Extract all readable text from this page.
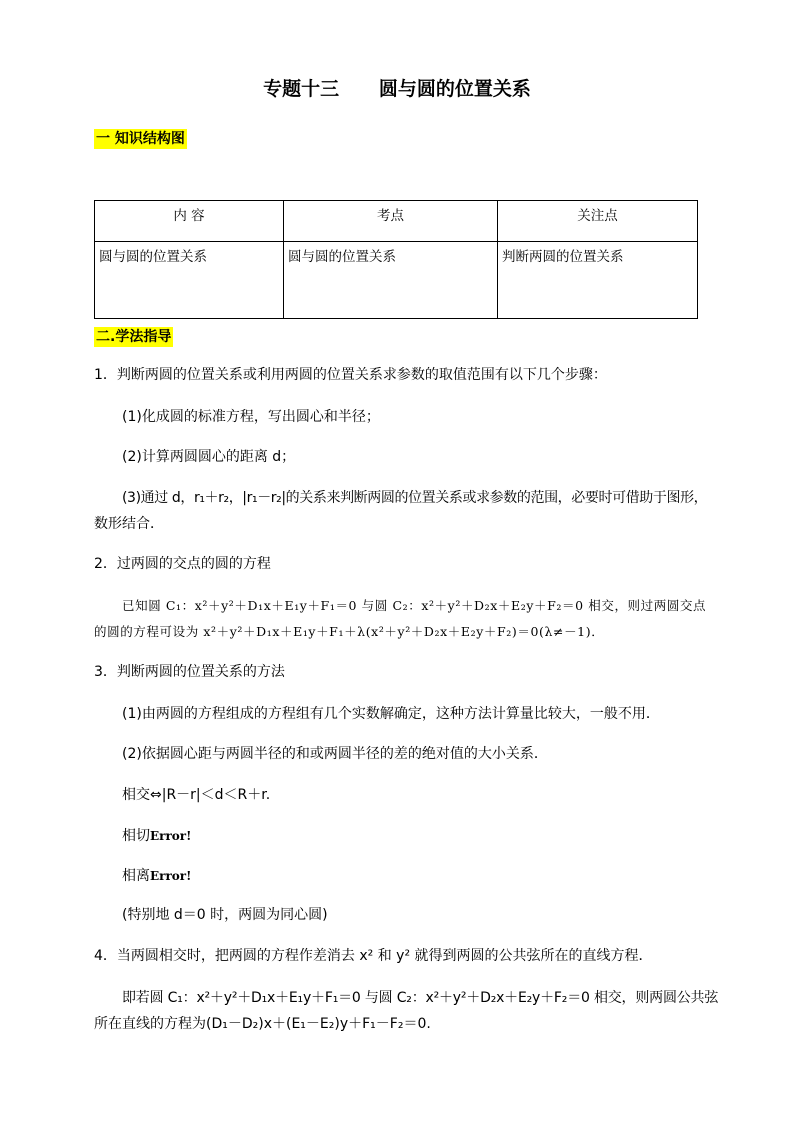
专题十三      圆与圆的位置关系
一 知识结构图
内 容	考点	关注点
圆与圆的位置关系	圆与圆的位置关系	判断两圆的位置关系
二.学法指导
1．判断两圆的位置关系或利用两圆的位置关系求参数的取值范围有以下几个步骤：
(1)化成圆的标准方程，写出圆心和半径；
(2)计算两圆圆心的距离 d；
(3)通过 d，r₁＋r₂，|r₁－r₂|的关系来判断两圆的位置关系或求参数的范围，必要时可借助于图形，
数形结合．
2．过两圆的交点的圆的方程
已知圆 C₁：x²＋y²＋D₁x＋E₁y＋F₁＝0 与圆 C₂：x²＋y²＋D₂x＋E₂y＋F₂＝0 相交，则过两圆交点
的圆的方程可设为 x²＋y²＋D₁x＋E₁y＋F₁＋λ(x²＋y²＋D₂x＋E₂y＋F₂)＝0(λ≠－1)．
3．判断两圆的位置关系的方法
(1)由两圆的方程组成的方程组有几个实数解确定，这种方法计算量比较大，一般不用．
(2)依据圆心距与两圆半径的和或两圆半径的差的绝对值的大小关系．
相交⇔|R－r|＜d＜R＋r.
相切Error!
相离Error!
(特别地 d＝0 时，两圆为同心圆)
4．当两圆相交时，把两圆的方程作差消去 x² 和 y² 就得到两圆的公共弦所在的直线方程．
即若圆 C₁：x²＋y²＋D₁x＋E₁y＋F₁＝0 与圆 C₂：x²＋y²＋D₂x＋E₂y＋F₂＝0 相交，则两圆公共弦
所在直线的方程为(D₁－D₂)x＋(E₁－E₂)y＋F₁－F₂＝0.
